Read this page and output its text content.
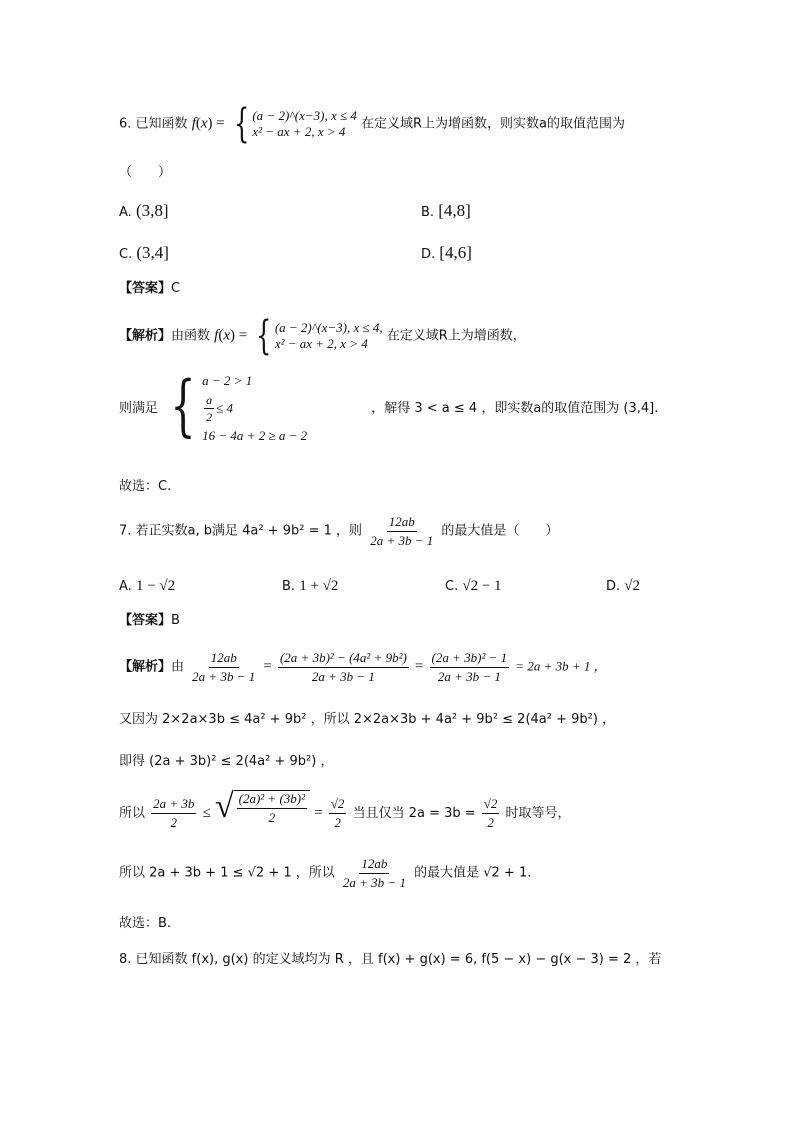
6. 已知函数 f(x) = { (a − 2)^(x−3), x ≤ 4
x² − ax + 2, x > 4	在定义域R上为增函数，则实数a的取值范围为
（　　）
A. (3,8]	B. [4,8]
C. (3,4]	D. [4,6]
【答案】C
【解析】由函数 f(x) = { (a − 2)^(x−3), x ≤ 4,
x² − ax + 2, x > 4	在定义域R上为增函数，
则满足 { a − 2 > 1
$\frac{a}{2} \le 4$
16 − 4a + 2 ≥ a − 2
，解得 3 < a ≤ 4 ，即实数a的取值范围为 (3,4].
故选：C.
7. 若正实数a, b满足 4a² + 9b² = 1 ，则 $\frac{12ab}{2a + 3b - 1}$ 的最大值是（　　）
A. 1 − √2	B. 1 + √2	C. √2 − 1	D. √2
【答案】B
【解析】由 $\frac{12ab}{2a + 3b - 1} = \frac{\text{(2a + 3b)² − (4a² + 9b²)}}{2a + 3b - 1} = \frac{\text{(2a + 3b)² − 1}}{2a + 3b - 1} = 2a + 3b + 1$ ，
又因为 2×2a×3b ≤ 4a² + 9b² ，所以 2×2a×3b + 4a² + 9b² ≤ 2(4a² + 9b²) ，
即得 (2a + 3b)² ≤ 2(4a² + 9b²) ，
所以 $\frac{2a + 3b}{2}$ ≤ √ $\frac{\text{(2a)² + (3b)²}}{2} = \frac{√2}{2}$ 当且仅当 $2a = 3b = \frac{√2}{2}$ 时取等号，
所以 2a + 3b + 1 ≤ √2 + 1 ，所以 $\frac{12ab}{2a + 3b - 1}$ 的最大值是 √2 + 1.
故选：B.
8. 已知函数 f(x), g(x) 的定义域均为 R ，且 f(x) + g(x) = 6, f(5 − x) − g(x − 3) = 2 ，若
